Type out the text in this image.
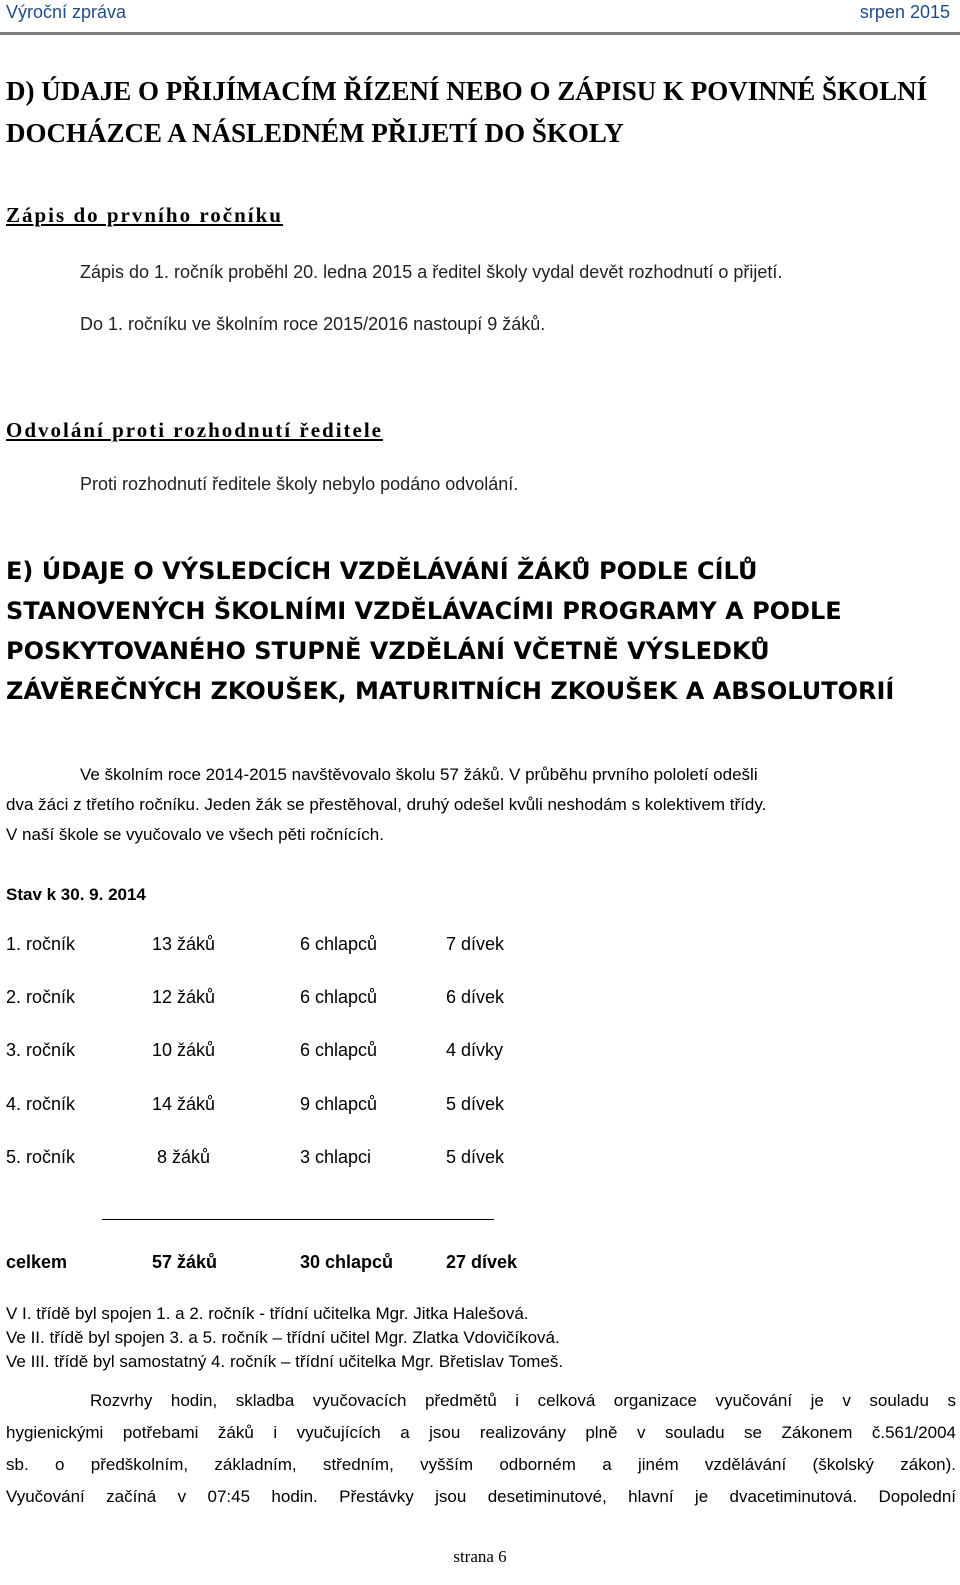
Výroční zpráva	srpen 2015
D) ÚDAJE O PŘIJÍMACÍM ŘÍZENÍ NEBO O ZÁPISU K POVINNÉ ŠKOLNÍ
DOCHÁZCE A NÁSLEDNÉM PŘIJETÍ DO ŠKOLY
Zápis do prvního ročníku
Zápis do 1. ročník proběhl 20. ledna 2015 a ředitel školy vydal devět rozhodnutí o přijetí.
Do 1. ročníku ve školním roce 2015/2016 nastoupí 9 žáků.
Odvolání proti rozhodnutí ředitele
Proti rozhodnutí ředitele školy nebylo podáno odvolání.
E) ÚDAJE O VÝSLEDCÍCH VZDĚLÁVÁNÍ ŽÁKŮ PODLE CÍLŮ
STANOVENÝCH ŠKOLNÍMI VZDĚLÁVACÍMI PROGRAMY A PODLE
POSKYTOVANÉHO STUPNĚ VZDĚLÁNÍ VČETNĚ VÝSLEDKŮ
ZÁVĚREČNÝCH ZKOUŠEK, MATURITNÍCH ZKOUŠEK A ABSOLUTORIÍ
Ve školním roce 2014-2015 navštěvovalo školu 57 žáků. V průběhu prvního pololetí odešli
dva žáci z třetího ročníku. Jeden žák se přestěhoval, druhý odešel kvůli neshodám s kolektivem třídy.
V naší škole se vyučovalo ve všech pěti ročnících.
Stav k 30. 9. 2014
1. ročník	13 žáků	6 chlapců	7 dívek
2. ročník	12 žáků	6 chlapců	6 dívek
3. ročník	10 žáků	6 chlapců	4 dívky
4. ročník	14 žáků	9 chlapců	5 dívek
5. ročník	8 žáků	3 chlapci	5 dívek
celkem	57 žáků	30 chlapců	27 dívek
V I. třídě byl spojen 1. a 2. ročník - třídní učitelka Mgr. Jitka Halešová.
Ve II. třídě byl spojen 3. a 5. ročník – třídní učitel Mgr. Zlatka Vdovičíková.
Ve III. třídě byl samostatný 4. ročník – třídní učitelka Mgr. Břetislav Tomeš.
Rozvrhy hodin, skladba vyučovacích předmětů i celková organizace vyučování je v souladu s
hygienickými potřebami žáků i vyučujících a jsou realizovány plně v souladu se Zákonem č.561/2004
sb. o předškolním, základním, středním, vyšším odborném a jiném vzdělávání (školský zákon).
Vyučování začíná v 07:45 hodin. Přestávky jsou desetiminutové, hlavní je dvacetiminutová. Dopolední
strana 6
